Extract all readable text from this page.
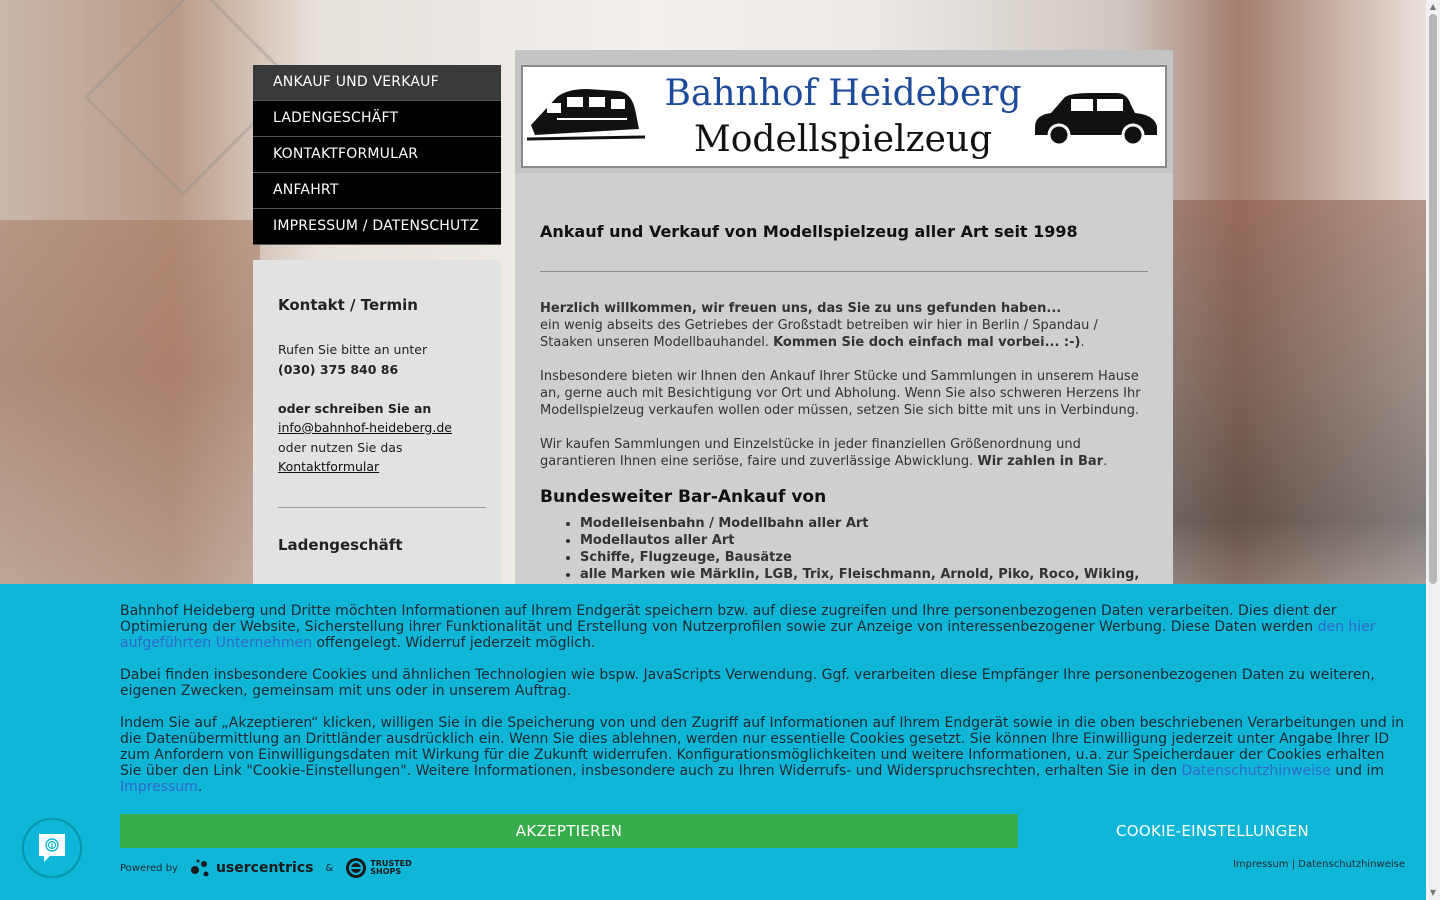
ANKAUF UND VERKAUF
LADENGESCHÄFT
KONTAKTFORMULAR
ANFAHRT
IMPRESSUM / DATENSCHUTZ
Kontakt / Termin

Rufen Sie bitte an unter
(030) 375 840 86

oder schreiben Sie an
info@bahnhof-heideberg.de
oder nutzen Sie das
Kontaktformular

Ladengeschäft

Bahnhof Heideberg
Modellspielzeug
Ankauf und Verkauf von Modellspielzeug aller Art seit 1998

Herzlich willkommen, wir freuen uns, das Sie zu uns gefunden haben...
ein wenig abseits des Getriebes der Großstadt betreiben wir hier in Berlin / Spandau / Staaken unseren Modellbauhandel. Kommen Sie doch einfach mal vorbei... :-).

Insbesondere bieten wir Ihnen den Ankauf Ihrer Stücke und Sammlungen in unserem Hause an, gerne auch mit Besichtigung vor Ort und Abholung. Wenn Sie also schweren Herzens Ihr Modellspielzeug verkaufen wollen oder müssen, setzen Sie sich bitte mit uns in Verbindung.

Wir kaufen Sammlungen und Einzelstücke in jeder finanziellen Größenordnung und garantieren Ihnen eine seriöse, faire und zuverlässige Abwicklung. Wir zahlen in Bar.

Bundesweiter Bar-Ankauf von
• Modelleisenbahn / Modellbahn aller Art
• Modellautos aller Art
• Schiffe, Flugzeuge, Bausätze
• alle Marken wie Märklin, LGB, Trix, Fleischmann, Arnold, Piko, Roco, Wiking,
▲
▼

Bahnhof Heideberg und Dritte möchten Informationen auf Ihrem Endgerät speichern bzw. auf diese zugreifen und Ihre personenbezogenen Daten verarbeiten. Dies dient der Optimierung der Website, Sicherstellung ihrer Funktionalität und Erstellung von Nutzerprofilen sowie zur Anzeige von interessenbezogener Werbung. Diese Daten werden den hier aufgeführten Unternehmen offengelegt. Widerruf jederzeit möglich.

Dabei finden insbesondere Cookies und ähnlichen Technologien wie bspw. JavaScripts Verwendung. Ggf. verarbeiten diese Empfänger Ihre personenbezogenen Daten zu weiteren, eigenen Zwecken, gemeinsam mit uns oder in unserem Auftrag.

Indem Sie auf „Akzeptieren“ klicken, willigen Sie in die Speicherung von und den Zugriff auf Informationen auf Ihrem Endgerät sowie in die oben beschriebenen Verarbeitungen und in die Datenübermittlung an Drittländer ausdrücklich ein. Wenn Sie dies ablehnen, werden nur essentielle Cookies gesetzt. Sie können Ihre Einwilligung jederzeit unter Angabe Ihrer ID zum Anfordern von Einwilligungsdaten mit Wirkung für die Zukunft widerrufen. Konfigurationsmöglichkeiten und weitere Informationen, u.a. zur Speicherdauer der Cookies erhalten Sie über den Link "Cookie-Einstellungen". Weitere Informationen, insbesondere auch zu Ihren Widerrufs- und Widerspruchsrechten, erhalten Sie in den Datenschutzhinweise und im Impressum.

AKZEPTIEREN	COOKIE-EINSTELLUNGEN
Powered by	usercentrics &	TRUSTED
SHOPS
Impressum | Datenschutzhinweise
